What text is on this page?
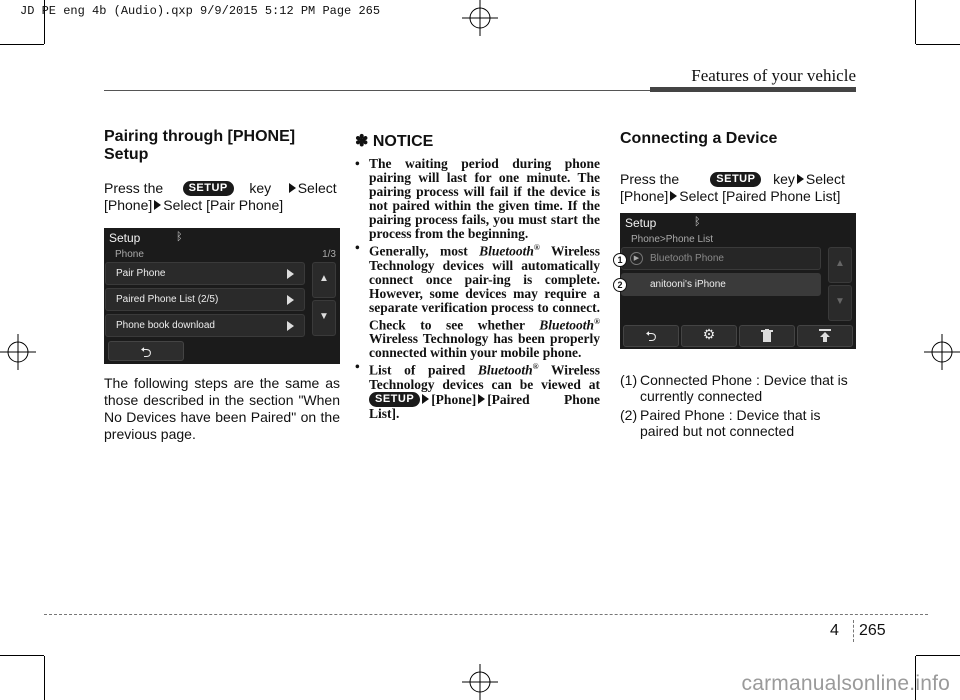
JD PE eng 4b (Audio).qxp 9/9/2015 5:12 PM Page 265
Features of your vehicle

Pairing through [PHONE] Setup

Press the SETUP key Select
[Phone] Select [Pair Phone]
Setup	ᛒ
Phone	1/3
Pair Phone
Paired Phone List (2/5)
Phone book download
▲
▼
⮌
The following steps are the same as those described in the section "When No Devices have been Paired" on the previous page.

✽ NOTICE

• The waiting period during phone pairing will last for one minute. The pairing process will fail if the device is not paired within the given time. If the pairing process fails, you must start the process from the beginning.
• Generally, most Bluetooth® Wireless Technology devices will automatically connect once pair-ing is complete. However, some devices may require a separate verification process to connect. Check to see whether Bluetooth® Wireless Technology has been properly connected within your mobile phone.
• List of paired Bluetooth® Wireless Technology devices can be viewed at SETUP [Phone] [Paired Phone List].

Connecting a Device

Press the	SETUP key Select
[Phone] Select [Paired Phone List]
Setup	ᛒ
Phone>Phone List
▶	Bluetooth Phone
anitooni's iPhone
▲
▼
⮌	⚙
1
2
(1) Connected Phone : Device that is currently connected
(2) Paired Phone : Device that is paired but not connected
4 265
carmanualsonline.info
